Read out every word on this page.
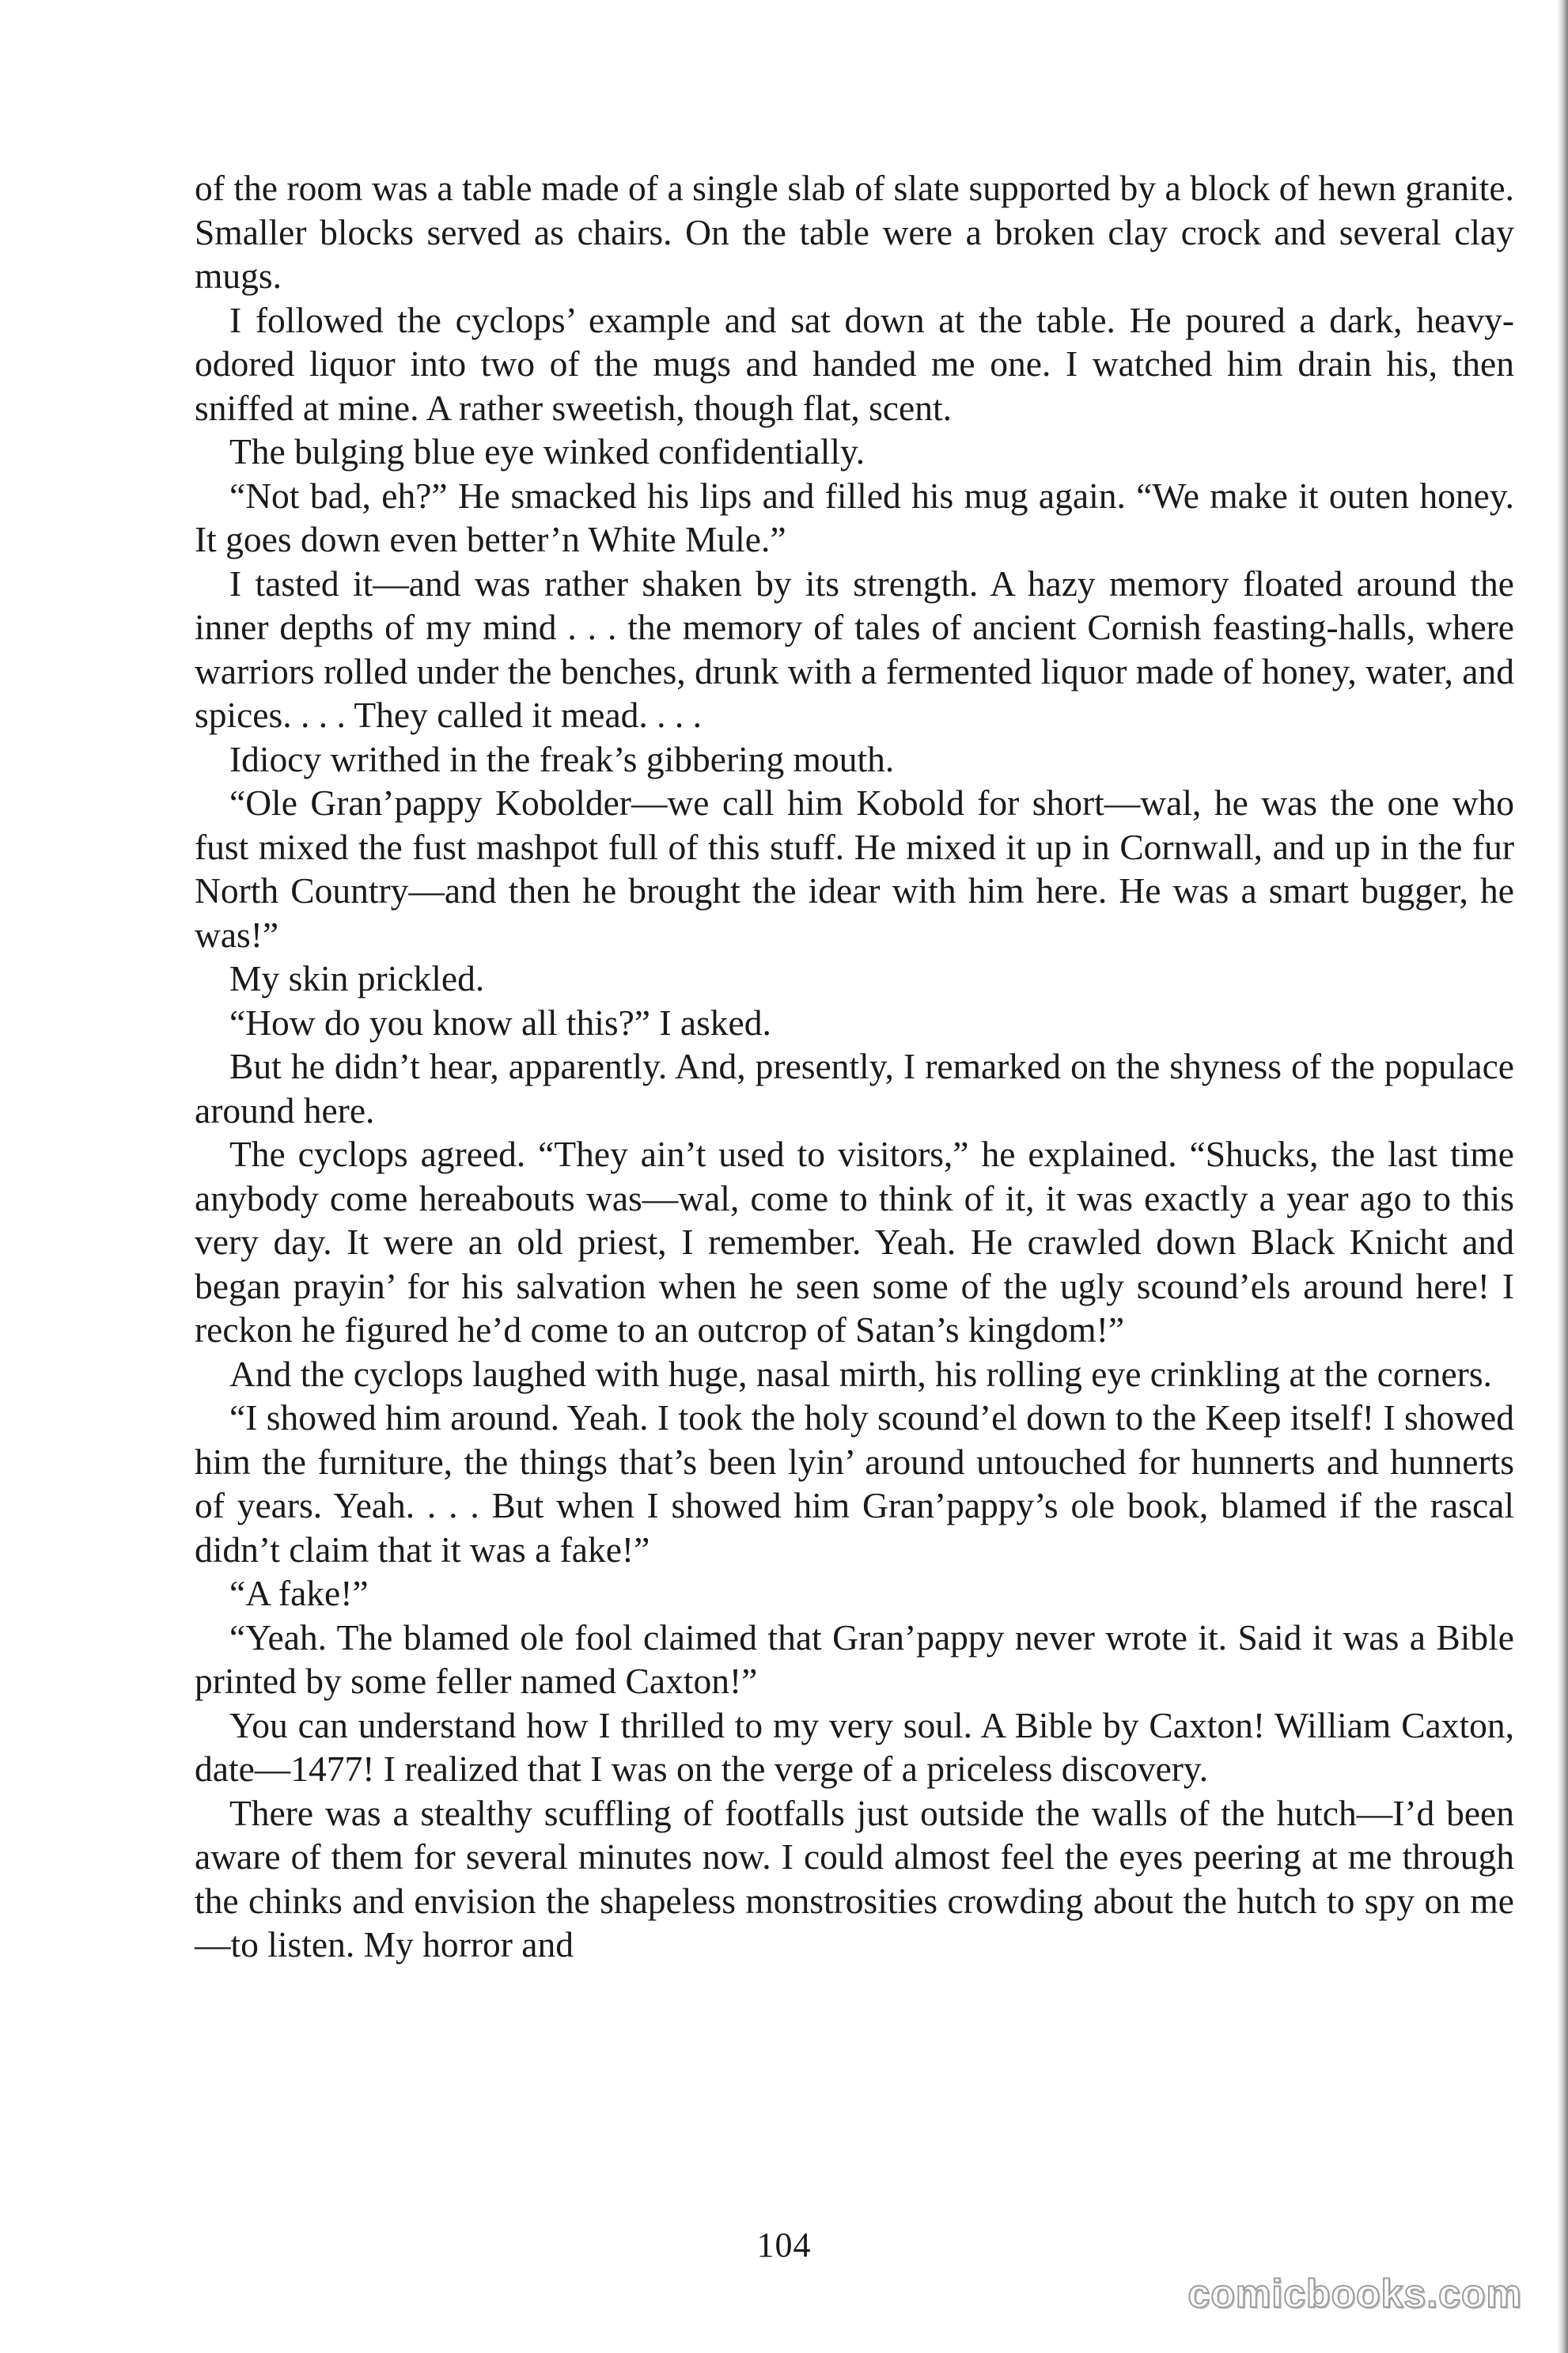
of the room was a table made of a single slab of slate supported by a block of hewn granite. Smaller blocks served as chairs. On the table were a broken clay crock and several clay mugs.

I followed the cyclops’ example and sat down at the table. He poured a dark, heavy-odored liquor into two of the mugs and handed me one. I watched him drain his, then sniffed at mine. A rather sweetish, though flat, scent.

The bulging blue eye winked confidentially.

“Not bad, eh?” He smacked his lips and filled his mug again. “We make it outen honey. It goes down even better’n White Mule.”

I tasted it—and was rather shaken by its strength. A hazy memory floated around the inner depths of my mind . . . the memory of tales of ancient Cornish feasting-halls, where warriors rolled under the benches, drunk with a fermented liquor made of honey, water, and spices. . . . They called it mead. . . .

Idiocy writhed in the freak’s gibbering mouth.

“Ole Gran’pappy Kobolder—we call him Kobold for short—wal, he was the one who fust mixed the fust mashpot full of this stuff. He mixed it up in Cornwall, and up in the fur North Country—and then he brought the idear with him here. He was a smart bugger, he was!”

My skin prickled.

“How do you know all this?” I asked.

But he didn’t hear, apparently. And, presently, I remarked on the shyness of the populace around here.

The cyclops agreed. “They ain’t used to visitors,” he explained. “Shucks, the last time anybody come hereabouts was—wal, come to think of it, it was exactly a year ago to this very day. It were an old priest, I remember. Yeah. He crawled down Black Knicht and began prayin’ for his salvation when he seen some of the ugly scound’els around here! I reckon he figured he’d come to an outcrop of Satan’s kingdom!”

And the cyclops laughed with huge, nasal mirth, his rolling eye crinkling at the corners.

“I showed him around. Yeah. I took the holy scound’el down to the Keep itself! I showed him the furniture, the things that’s been lyin’ around untouched for hunnerts and hunnerts of years. Yeah. . . . But when I showed him Gran’pappy’s ole book, blamed if the rascal didn’t claim that it was a fake!”

“A fake!”

“Yeah. The blamed ole fool claimed that Gran’pappy never wrote it. Said it was a Bible printed by some feller named Caxton!”

You can understand how I thrilled to my very soul. A Bible by Caxton! William Caxton, date—1477! I realized that I was on the verge of a priceless discovery.

There was a stealthy scuffling of footfalls just outside the walls of the hutch—I’d been aware of them for several minutes now. I could almost feel the eyes peering at me through the chinks and envision the shapeless monstrosities crowding about the hutch to spy on me—to listen. My horror and

104
comicbooks.com
